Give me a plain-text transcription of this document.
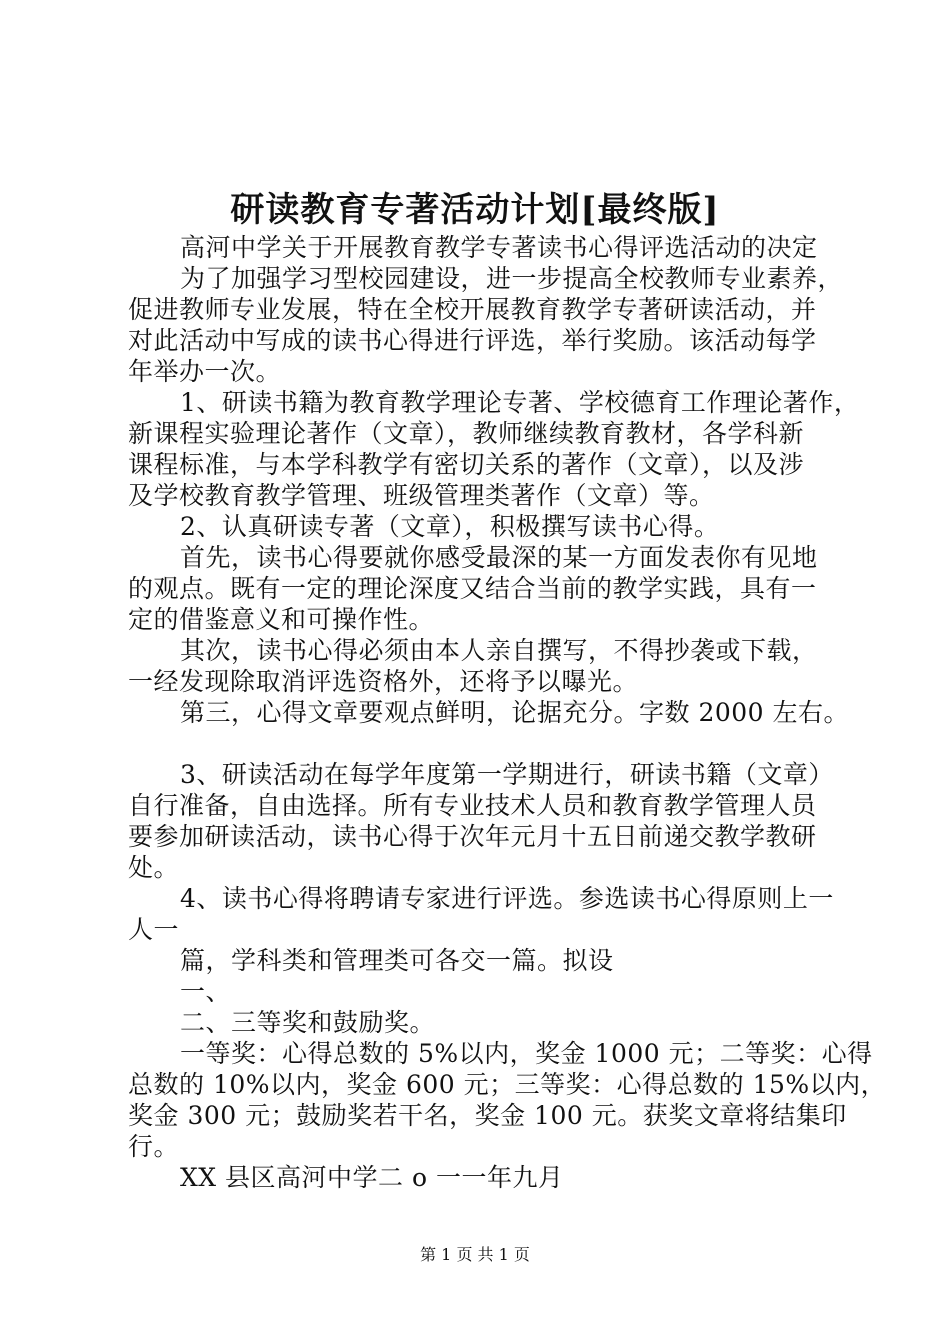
研读教育专著活动计划[最终版]
高河中学关于开展教育教学专著读书心得评选活动的决定
为了加强学习型校园建设，进一步提高全校教师专业素养，
促进教师专业发展，特在全校开展教育教学专著研读活动，并
对此活动中写成的读书心得进行评选，举行奖励。该活动每学
年举办一次。
1、研读书籍为教育教学理论专著、学校德育工作理论著作，
新课程实验理论著作（文章），教师继续教育教材，各学科新
课程标准，与本学科教学有密切关系的著作（文章），以及涉
及学校教育教学管理、班级管理类著作（文章）等。
2、认真研读专著（文章），积极撰写读书心得。
首先，读书心得要就你感受最深的某一方面发表你有见地
的观点。既有一定的理论深度又结合当前的教学实践，具有一
定的借鉴意义和可操作性。
其次，读书心得必须由本人亲自撰写，不得抄袭或下载，
一经发现除取消评选资格外，还将予以曝光。
第三，心得文章要观点鲜明，论据充分。字数 2000 左右。
3、研读活动在每学年度第一学期进行，研读书籍（文章）
自行准备，自由选择。所有专业技术人员和教育教学管理人员
要参加研读活动，读书心得于次年元月十五日前递交教学教研
处。
4、读书心得将聘请专家进行评选。参选读书心得原则上一
人一
篇，学科类和管理类可各交一篇。拟设
一、
二、三等奖和鼓励奖。
一等奖：心得总数的 5%以内，奖金 1000 元；二等奖：心得
总数的 10%以内，奖金 600 元；三等奖：心得总数的 15%以内，
奖金 300 元；鼓励奖若干名，奖金 100 元。获奖文章将结集印
行。
XX 县区高河中学二 o 一一年九月
第 1 页 共 1 页
